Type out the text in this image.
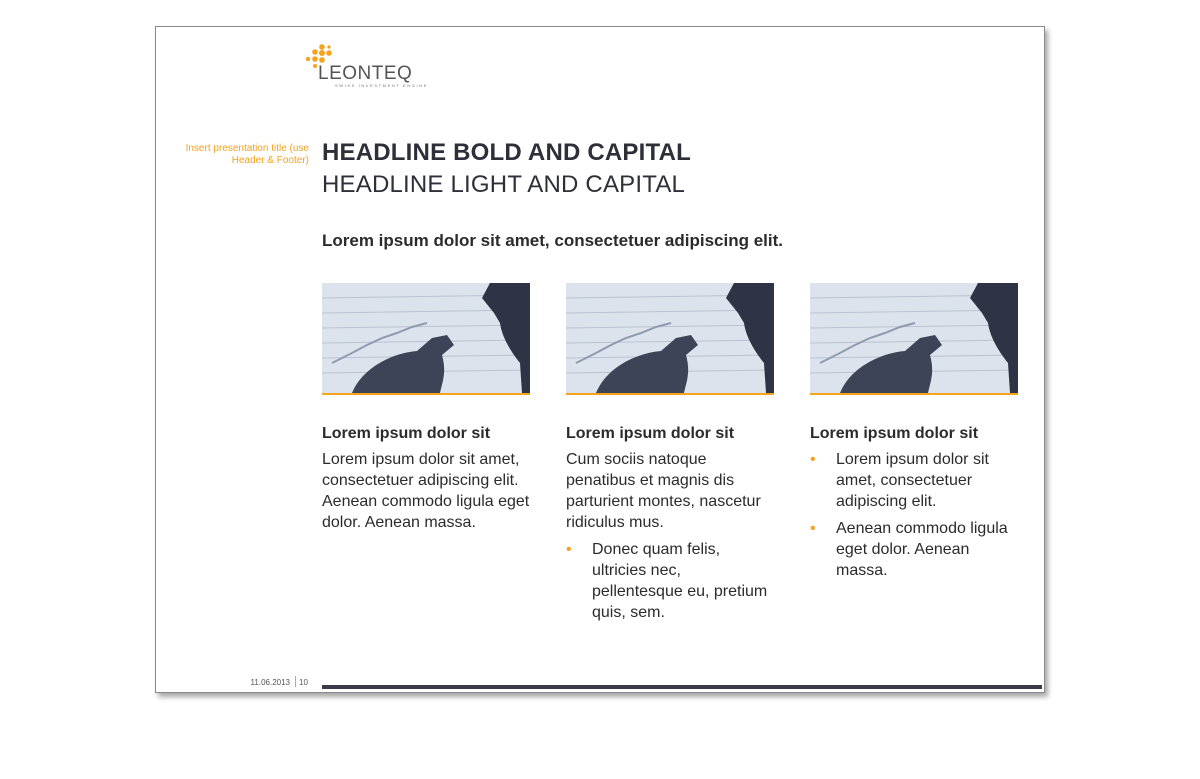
LEONTEQ
SWISS INVESTMENT ENGINE
Insert presentation title (use Header & Footer) HEADLINE BOLD AND CAPITAL
HEADLINE LIGHT AND CAPITAL
Lorem ipsum dolor sit amet, consectetuer adipiscing elit.
Lorem ipsum dolor sit

Lorem ipsum dolor sit amet, consectetuer adipiscing elit. Aenean commodo ligula eget dolor. Aenean massa.

Lorem ipsum dolor sit

Cum sociis natoque penatibus et magnis dis parturient montes, nascetur ridiculus mus.

• Donec quam felis, ultricies nec, pellentesque eu, pretium quis, sem.
Lorem ipsum dolor sit
• Lorem ipsum dolor sit amet, consectetuer adipiscing elit.
• Aenean commodo ligula eget dolor. Aenean massa.
11.06.2013 10
